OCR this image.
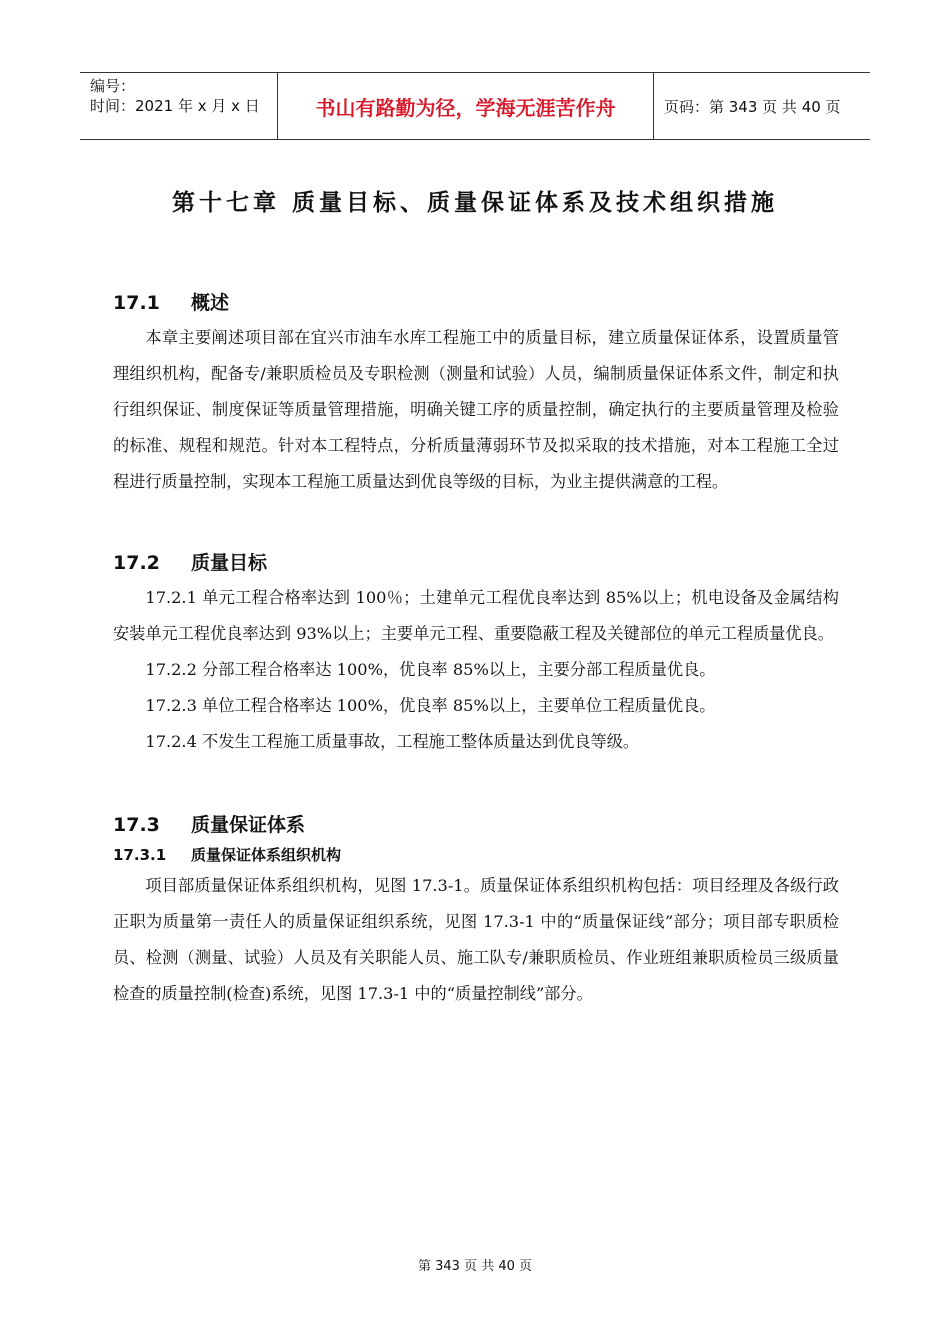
编号：
时间：2021 年 x 月 x 日	书山有路勤为径，学海无涯苦作舟	页码：第 343 页 共 40 页
第十七章 质量目标、质量保证体系及技术组织措施
17.1 概述

本章主要阐述项目部在宜兴市油车水库工程施工中的质量目标，建立质量保证体系，设置质量管理组织机构，配备专/兼职质检员及专职检测（测量和试验）人员，编制质量保证体系文件，制定和执行组织保证、制度保证等质量管理措施，明确关键工序的质量控制，确定执行的主要质量管理及检验的标准、规程和规范。针对本工程特点，分析质量薄弱环节及拟采取的技术措施，对本工程施工全过程进行质量控制，实现本工程施工质量达到优良等级的目标，为业主提供满意的工程。

17.2 质量目标

17.2.1 单元工程合格率达到 100％；土建单元工程优良率达到 85%以上；机电设备及金属结构安装单元工程优良率达到 93%以上；主要单元工程、重要隐蔽工程及关键部位的单元工程质量优良。

17.2.2 分部工程合格率达 100%，优良率 85%以上，主要分部工程质量优良。

17.2.3 单位工程合格率达 100%，优良率 85%以上，主要单位工程质量优良。

17.2.4 不发生工程施工质量事故，工程施工整体质量达到优良等级。

17.3 质量保证体系
17.3.1 质量保证体系组织机构

项目部质量保证体系组织机构，见图 17.3-1。质量保证体系组织机构包括：项目经理及各级行政正职为质量第一责任人的质量保证组织系统，见图 17.3-1 中的“质量保证线”部分；项目部专职质检员、检测（测量、试验）人员及有关职能人员、施工队专/兼职质检员、作业班组兼职质检员三级质量检查的质量控制(检查)系统，见图 17.3-1 中的“质量控制线”部分。

第 343 页 共 40 页
